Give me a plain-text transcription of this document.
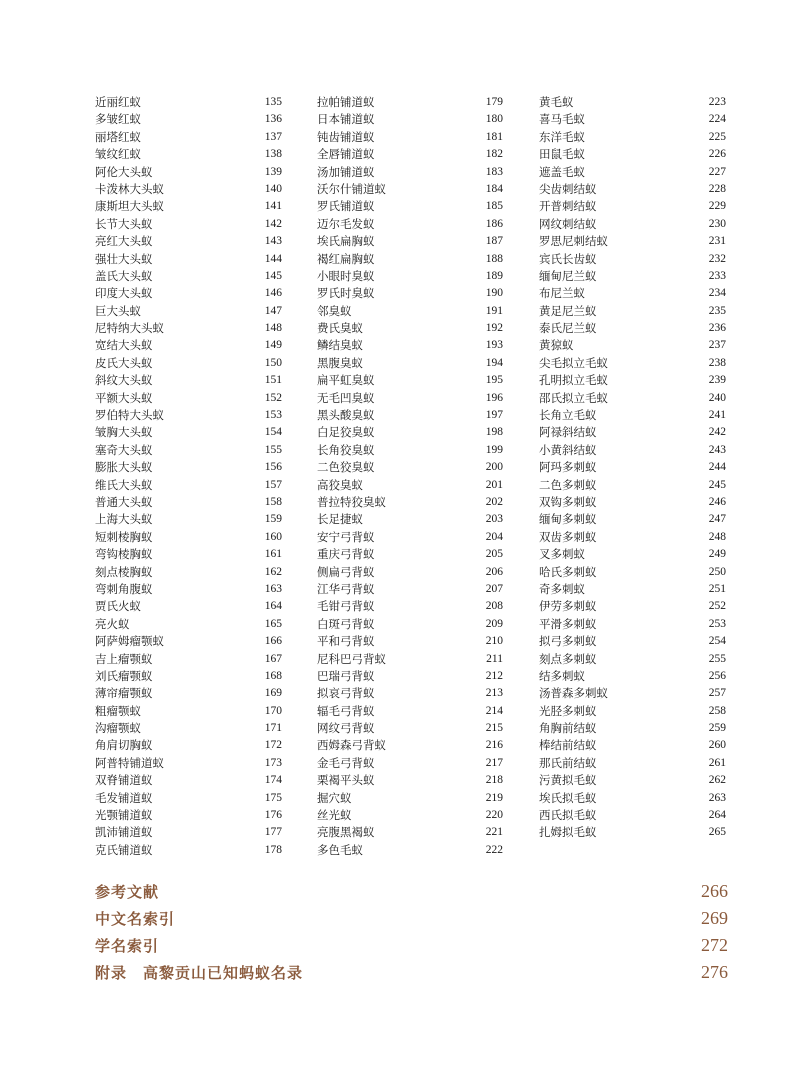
近丽红蚁	135
多皱红蚁	136
丽塔红蚁	137
皱纹红蚁	138
阿伦大头蚁	139
卡泼林大头蚁	140
康斯坦大头蚁	141
长节大头蚁	142
亮红大头蚁	143
强壮大头蚁	144
盖氏大头蚁	145
印度大头蚁	146
巨大头蚁	147
尼特纳大头蚁	148
宽结大头蚁	149
皮氏大头蚁	150
斜纹大头蚁	151
平额大头蚁	152
罗伯特大头蚁	153
皱胸大头蚁	154
塞奇大头蚁	155
膨胀大头蚁	156
维氏大头蚁	157
普通大头蚁	158
上海大头蚁	159
短刺棱胸蚁	160
弯钩棱胸蚁	161
刻点棱胸蚁	162
弯刺角腹蚁	163
贾氏火蚁	164
亮火蚁	165
阿萨姆瘤颚蚁	166
吉上瘤颚蚁	167
刘氏瘤颚蚁	168
薄帘瘤颚蚁	169
粗瘤颚蚁	170
沟瘤颚蚁	171
角肩切胸蚁	172
阿普特铺道蚁	173
双脊铺道蚁	174
毛发铺道蚁	175
光颚铺道蚁	176
凯沛铺道蚁	177
克氏铺道蚁	178
拉帕铺道蚁	179
日本铺道蚁	180
钝齿铺道蚁	181
全唇铺道蚁	182
汤加铺道蚁	183
沃尔什铺道蚁	184
罗氏铺道蚁	185
迈尔毛发蚁	186
埃氏扁胸蚁	187
褐红扁胸蚁	188
小眼时臭蚁	189
罗氏时臭蚁	190
邻臭蚁	191
费氏臭蚁	192
鳞结臭蚁	193
黑腹臭蚁	194
扁平虹臭蚁	195
无毛凹臭蚁	196
黑头酸臭蚁	197
白足狡臭蚁	198
长角狡臭蚁	199
二色狡臭蚁	200
高狡臭蚁	201
普拉特狡臭蚁	202
长足捷蚁	203
安宁弓背蚁	204
重庆弓背蚁	205
侧扁弓背蚁	206
江华弓背蚁	207
毛钳弓背蚁	208
白斑弓背蚁	209
平和弓背蚁	210
尼科巴弓背蚁	211
巴瑞弓背蚁	212
拟哀弓背蚁	213
辐毛弓背蚁	214
网纹弓背蚁	215
西姆森弓背蚁	216
金毛弓背蚁	217
栗褐平头蚁	218
掘穴蚁	219
丝光蚁	220
亮腹黑褐蚁	221
多色毛蚁	222
黄毛蚁	223
喜马毛蚁	224
东洋毛蚁	225
田鼠毛蚁	226
遮盖毛蚁	227
尖齿刺结蚁	228
开普刺结蚁	229
网纹刺结蚁	230
罗思尼刺结蚁	231
宾氏长齿蚁	232
缅甸尼兰蚁	233
布尼兰蚁	234
黄足尼兰蚁	235
泰氏尼兰蚁	236
黄猄蚁	237
尖毛拟立毛蚁	238
孔明拟立毛蚁	239
邵氏拟立毛蚁	240
长角立毛蚁	241
阿禄斜结蚁	242
小黄斜结蚁	243
阿玛多刺蚁	244
二色多刺蚁	245
双钩多刺蚁	246
缅甸多刺蚁	247
双齿多刺蚁	248
叉多刺蚁	249
哈氏多刺蚁	250
奇多刺蚁	251
伊劳多刺蚁	252
平滑多刺蚁	253
拟弓多刺蚁	254
刻点多刺蚁	255
结多刺蚁	256
汤普森多刺蚁	257
光胫多刺蚁	258
角胸前结蚁	259
棒结前结蚁	260
那氏前结蚁	261
污黄拟毛蚁	262
埃氏拟毛蚁	263
西氏拟毛蚁	264
扎姆拟毛蚁	265
参考文献	266
中文名索引	269
学名索引	272
附录　高黎贡山已知蚂蚁名录	276
